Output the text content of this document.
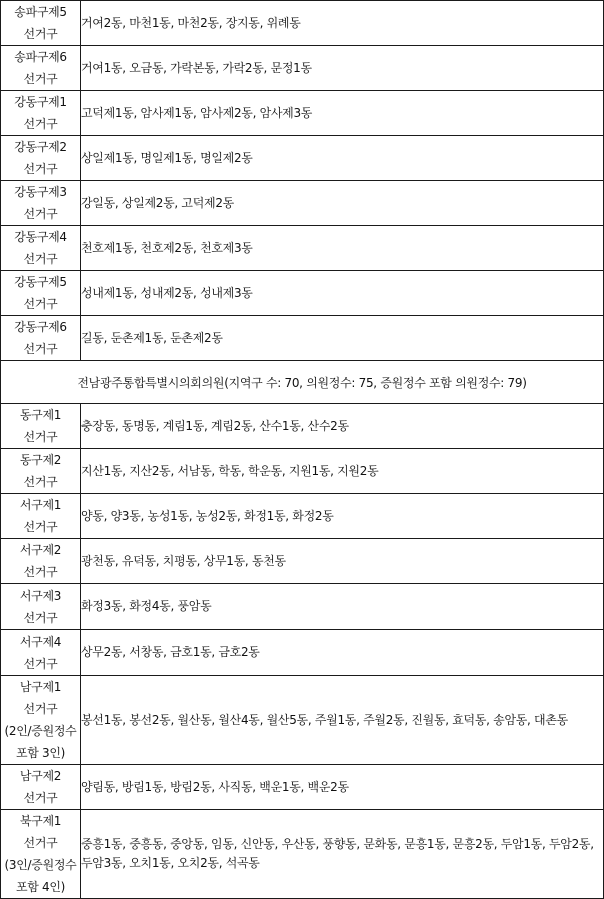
송파구제5
선거구	거여2동, 마천1동, 마천2동, 장지동, 위례동

송파구제6
선거구	거여1동, 오금동, 가락본동, 가락2동, 문정1동

강동구제1
선거구	고덕제1동, 암사제1동, 암사제2동, 암사제3동

강동구제2
선거구	상일제1동, 명일제1동, 명일제2동

강동구제3
선거구	강일동, 상일제2동, 고덕제2동

강동구제4
선거구	천호제1동, 천호제2동, 천호제3동

강동구제5
선거구	성내제1동, 성내제2동, 성내제3동

강동구제6
선거구	길동, 둔촌제1동, 둔촌제2동
전남광주통합특별시의회의원(지역구 수: 70, 의원정수: 75, 증원정수 포함 의원정수: 79)	

동구제1
선거구	충장동, 동명동, 계림1동, 계림2동, 산수1동, 산수2동

동구제2
선거구	지산1동, 지산2동, 서남동, 학동, 학운동, 지원1동, 지원2동

서구제1
선거구	양동, 양3동, 농성1동, 농성2동, 화정1동, 화정2동

서구제2
선거구	광천동, 유덕동, 치평동, 상무1동, 동천동

서구제3
선거구	화정3동, 화정4동, 풍암동

서구제4
선거구	상무2동, 서창동, 금호1동, 금호2동

남구제1
선거구
(2인/증원정수
포함 3인)	봉선1동, 봉선2동, 월산동, 월산4동, 월산5동, 주월1동, 주월2동, 진월동, 효덕동, 송암동, 대촌동

남구제2
선거구	양림동, 방림1동, 방림2동, 사직동, 백운1동, 백운2동

북구제1
선거구
(3인/증원정수
포함 4인)	중흥1동, 중흥동, 중앙동, 임동, 신안동, 우산동, 풍향동, 문화동, 문흥1동, 문흥2동, 두암1동, 두암2동, 두암3동, 오치1동, 오치2동, 석곡동
